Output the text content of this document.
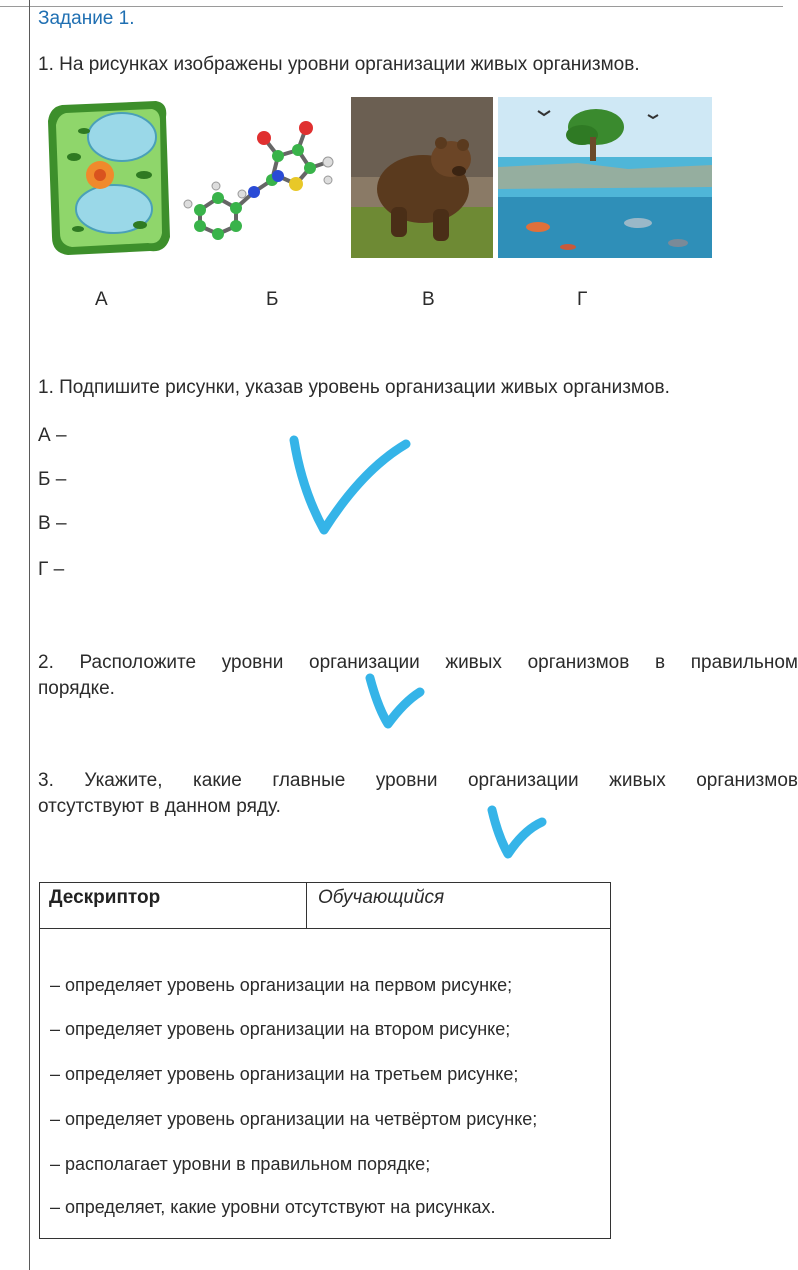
Задание 1.
1. На рисунках изображены уровни организации живых организмов.
А	Б	В	Г
1. Подпишите рисунки, указав уровень организации живых организмов.
А –
Б –
В –
Г –
2. Расположите уровни организации живых организмов в правильном
порядке.
3. Укажите, какие главные уровни организации живых организмов
отсутствуют в данном ряду.
Дескриптор	Обучающийся
– определяет уровень организации на первом рисунке;
– определяет уровень организации на втором рисунке;
– определяет уровень организации на третьем рисунке;
– определяет уровень организации на четвёртом рисунке;
– располагает уровни в правильном порядке;
– определяет, какие уровни отсутствуют на рисунках.
